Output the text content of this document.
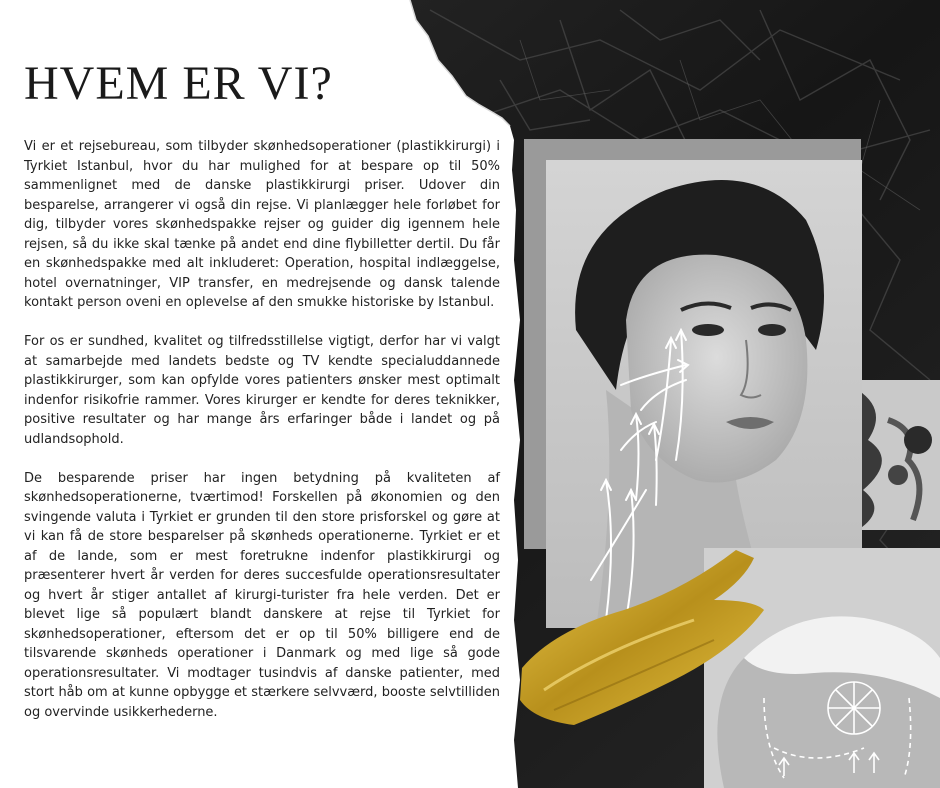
HVEM ER VI?

Vi er et rejsebureau, som tilbyder skønhedsoperationer (plastikkirurgi) i Tyrkiet Istanbul, hvor du har mulighed for at bespare op til 50% sammenlignet med de danske plastikkirurgi priser. Udover din besparelse, arrangerer vi også din rejse. Vi planlægger hele forløbet for dig, tilbyder vores skønhedspakke rejser og guider dig igennem hele rejsen, så du ikke skal tænke på andet end dine flybilletter dertil. Du får en skønhedspakke med alt inkluderet: Operation, hospital indlæggelse, hotel overnatninger, VIP transfer, en medrejsende og dansk talende kontakt person oveni en oplevelse af den smukke historiske by Istanbul.

For os er sundhed, kvalitet og tilfredsstillelse vigtigt, derfor har vi valgt at samarbejde med landets bedste og TV kendte specialuddannede plastikkirurger, som kan opfylde vores patienters ønsker mest optimalt indenfor risikofrie rammer. Vores kirurger er kendte for deres teknikker, positive resultater og har mange års erfaringer både i landet og på udlandsophold.

De besparende priser har ingen betydning på kvaliteten af skønhedsoperationerne, tværtimod! Forskellen på økonomien og den svingende valuta i Tyrkiet er grunden til den store prisforskel og gøre at vi kan få de store besparelser på skønheds operationerne. Tyrkiet er et af de lande, som er mest foretrukne indenfor plastikkirurgi og præsenterer hvert år verden for deres succesfulde operationsresultater og hvert år stiger antallet af kirurgi-turister fra hele verden. Det er blevet lige så populært blandt danskere at rejse til Tyrkiet for skønhedsoperationer, eftersom det er op til 50% billigere end de tilsvarende skønheds operationer i Danmark og med lige så gode operationsresultater. Vi modtager tusindvis af danske patienter, med stort håb om at kunne opbygge et stærkere selvværd, booste selvtilliden og overvinde usikkerhederne.
